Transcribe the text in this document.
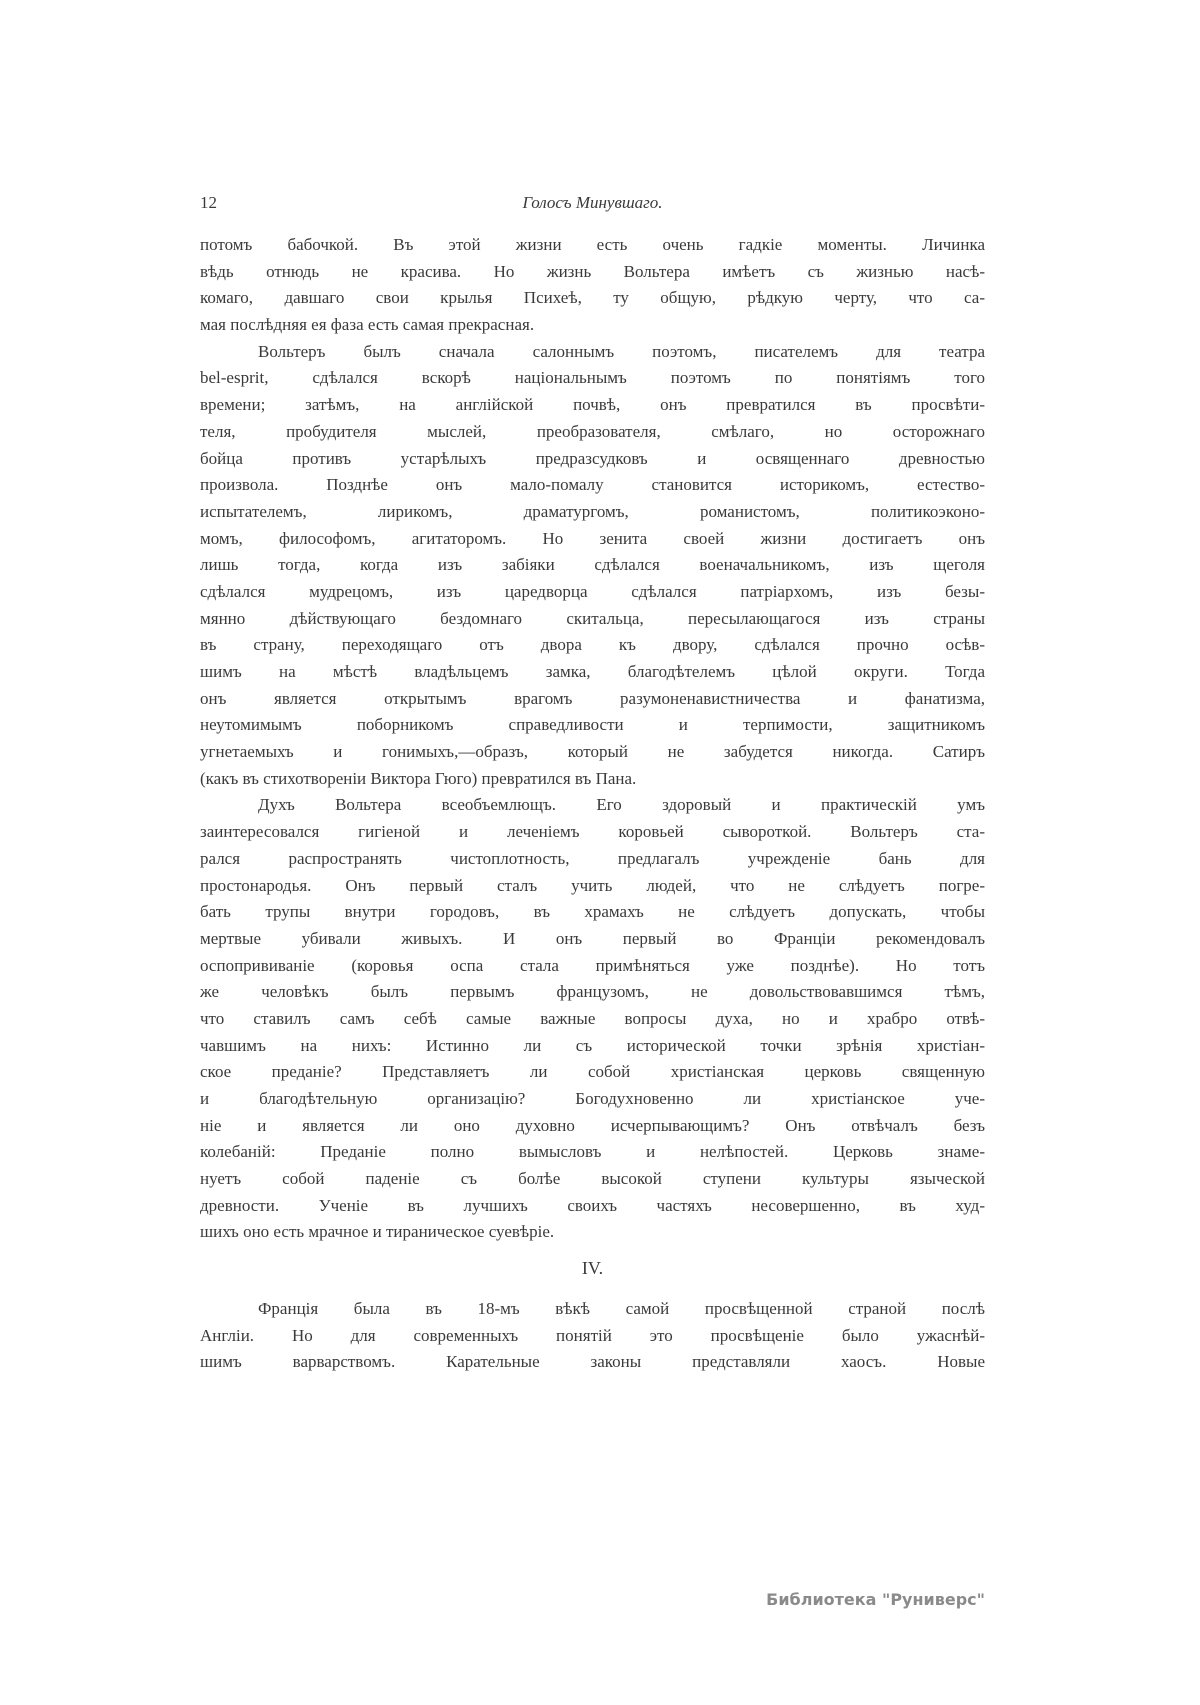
12	Голосъ Минувшаго.
потомъ бабочкой. Въ этой жизни есть очень гадкіе моменты. Личинка
вѣдь отнюдь не красива. Но жизнь Вольтера имѣетъ съ жизнью насѣ-
комаго, давшаго свои крылья Психеѣ, ту общую, рѣдкую черту, что са-
мая послѣдняя ея фаза есть самая прекрасная.
Вольтеръ былъ сначала салоннымъ поэтомъ, писателемъ для театра
bel-esprit, сдѣлался вскорѣ національнымъ поэтомъ по понятіямъ того
времени; затѣмъ, на англійской почвѣ, онъ превратился въ просвѣти-
теля, пробудителя мыслей, преобразователя, смѣлаго, но осторожнаго
бойца противъ устарѣлыхъ предразсудковъ и освященнаго древностью
произвола. Позднѣе онъ мало-помалу становится историкомъ, естество-
испытателемъ, лирикомъ, драматургомъ, романистомъ, политикоэконо-
момъ, философомъ, агитаторомъ. Но зенита своей жизни достигаетъ онъ
лишь тогда, когда изъ забіяки сдѣлался военачальникомъ, изъ щеголя
сдѣлался мудрецомъ, изъ царедворца сдѣлался патріархомъ, изъ безы-
мянно дѣйствующаго бездомнаго скитальца, пересылающагося изъ страны
въ страну, переходящаго отъ двора къ двору, сдѣлался прочно осѣв-
шимъ на мѣстѣ владѣльцемъ замка, благодѣтелемъ цѣлой округи. Тогда
онъ является открытымъ врагомъ разумоненавистничества и фанатизма,
неутомимымъ поборникомъ справедливости и терпимости, защитникомъ
угнетаемыхъ и гонимыхъ,—образъ, который не забудется никогда. Сатиръ
(какъ въ стихотвореніи Виктора Гюго) превратился въ Пана.
Духъ Вольтера всеобъемлющъ. Его здоровый и практическій умъ
заинтересовался гигіеной и леченіемъ коровьей сывороткой. Вольтеръ ста-
рался распространять чистоплотность, предлагалъ учрежденіе бань для
простонародья. Онъ первый сталъ учить людей, что не слѣдуетъ погре-
бать трупы внутри городовъ, въ храмахъ не слѣдуетъ допускать, чтобы
мертвые убивали живыхъ. И онъ первый во Франціи рекомендовалъ
оспопрививаніе (коровья оспа стала примѣняться уже позднѣе). Но тотъ
же человѣкъ былъ первымъ французомъ, не довольствовавшимся тѣмъ,
что ставилъ самъ себѣ самые важные вопросы духа, но и храбро отвѣ-
чавшимъ на нихъ: Истинно ли съ исторической точки зрѣнія христіан-
ское преданіе? Представляетъ ли собой христіанская церковь священную
и благодѣтельную организацію? Богодухновенно ли христіанское уче-
ніе и является ли оно духовно исчерпывающимъ? Онъ отвѣчалъ безъ
колебаній: Преданіе полно вымысловъ и нелѣпостей. Церковь знаме-
нуетъ собой паденіе съ болѣе высокой ступени культуры языческой
древности. Ученіе въ лучшихъ своихъ частяхъ несовершенно, въ худ-
шихъ оно есть мрачное и тираническое суевѣріе.
IV.
Франція была въ 18-мъ вѣкѣ самой просвѣщенной страной послѣ
Англіи. Но для современныхъ понятій это просвѣщеніе было ужаснѣй-
шимъ варварствомъ. Карательные законы представляли хаосъ. Новые
Библиотека "Руниверс"
